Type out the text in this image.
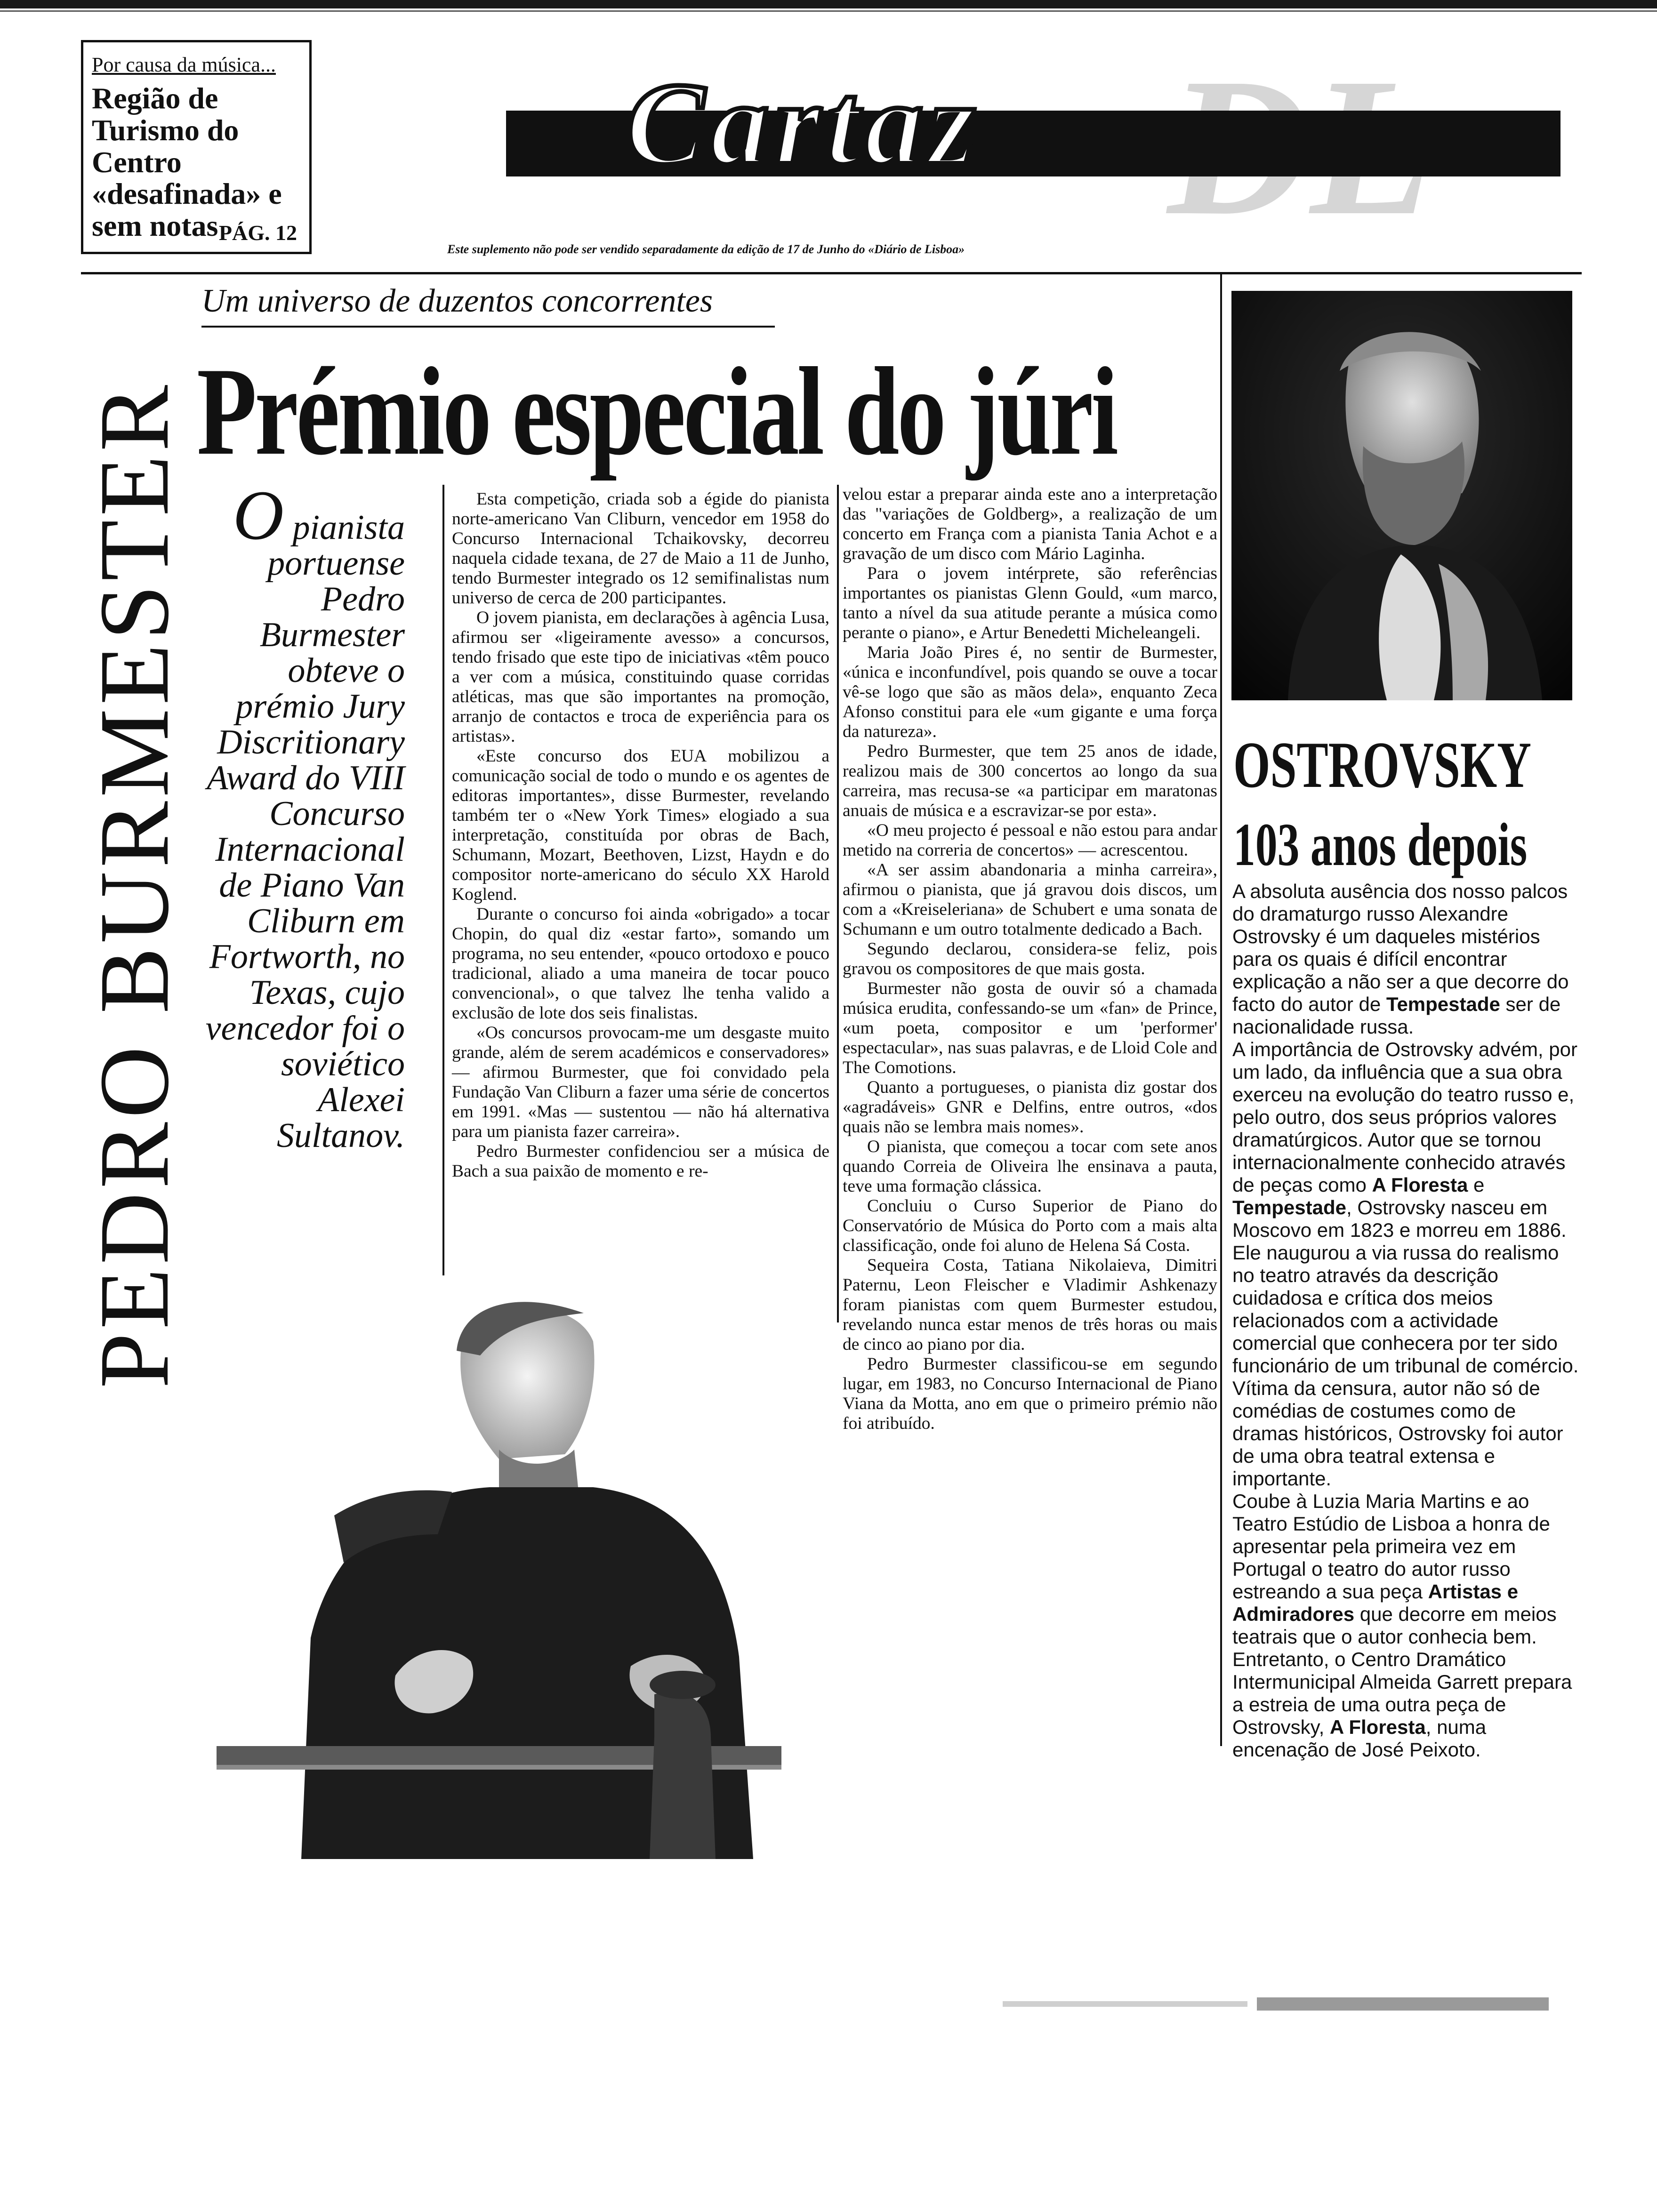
Por causa da música...
Região de Turismo do Centro «desafinada» e sem notas PÁG. 12
Cartaz
Este suplemento não pode ser vendido separadamente da edição de 17 de Junho do «Diário de Lisboa»
PEDRO BURMESTER
Um universo de duzentos concorrentes
Prémio especial do júri
O pianista portuense Pedro Burmester obteve o prémio Jury Discritionary Award do VIII Concurso Internacional de Piano Van Cliburn em Fortworth, no Texas, cujo vencedor foi o soviético Alexei Sultanov.

Esta competição, criada sob a égide do pianista norte-americano Van Cliburn, vencedor em 1958 do Concurso Internacional Tchaikovsky, decorreu naquela cidade texana, de 27 de Maio a 11 de Junho, tendo Burmester integrado os 12 semifinalistas num universo de cerca de 200 participantes.

O jovem pianista, em declarações à agência Lusa, afirmou ser «ligeiramente avesso» a concursos, tendo frisado que este tipo de iniciativas «têm pouco a ver com a música, constituindo quase corridas atléticas, mas que são importantes na promoção, arranjo de contactos e troca de experiência para os artistas».

«Este concurso dos EUA mobilizou a comunicação social de todo o mundo e os agentes de editoras importantes», disse Burmester, revelando também ter o «New York Times» elogiado a sua interpretação, constituída por obras de Bach, Schumann, Mozart, Beethoven, Lizst, Haydn e do compositor norte-americano do século XX Harold Koglend.

Durante o concurso foi ainda «obrigado» a tocar Chopin, do qual diz «estar farto», somando um programa, no seu entender, «pouco ortodoxo e pouco tradicional, aliado a uma maneira de tocar pouco convencional», o que talvez lhe tenha valido a exclusão de lote dos seis finalistas.

«Os concursos provocam-me um desgaste muito grande, além de serem académicos e conservadores» — afirmou Burmester, que foi convidado pela Fundação Van Cliburn a fazer uma série de concertos em 1991. «Mas — sustentou — não há alternativa para um pianista fazer carreira».

Pedro Burmester confidenciou ser a música de Bach a sua paixão de momento e re-

velou estar a preparar ainda este ano a interpretação das "variações de Goldberg», a realização de um concerto em França com a pianista Tania Achot e a gravação de um disco com Mário Laginha.

Para o jovem intérprete, são referências importantes os pianistas Glenn Gould, «um marco, tanto a nível da sua atitude perante a música como perante o piano», e Artur Benedetti Micheleangeli.

Maria João Pires é, no sentir de Burmester, «única e inconfundível, pois quando se ouve a tocar vê-se logo que são as mãos dela», enquanto Zeca Afonso constitui para ele «um gigante e uma força da natureza».

Pedro Burmester, que tem 25 anos de idade, realizou mais de 300 concertos ao longo da sua carreira, mas recusa-se «a participar em maratonas anuais de música e a escravizar-se por esta».

«O meu projecto é pessoal e não estou para andar metido na correria de concertos» — acrescentou.

«A ser assim abandonaria a minha carreira», afirmou o pianista, que já gravou dois discos, um com a «Kreiseleriana» de Schubert e uma sonata de Schumann e um outro totalmente dedicado a Bach.

Segundo declarou, considera-se feliz, pois gravou os compositores de que mais gosta.

Burmester não gosta de ouvir só a chamada música erudita, confessando-se um «fan» de Prince, «um poeta, compositor e um 'performer' espectacular», nas suas palavras, e de Lloid Cole and The Comotions.

Quanto a portugueses, o pianista diz gostar dos «agradáveis» GNR e Delfins, entre outros, «dos quais não se lembra mais nomes».

O pianista, que começou a tocar com sete anos quando Correia de Oliveira lhe ensinava a pauta, teve uma formação clássica.

Concluiu o Curso Superior de Piano do Conservatório de Música do Porto com a mais alta classificação, onde foi aluno de Helena Sá Costa.

Sequeira Costa, Tatiana Nikolaieva, Dimitri Paternu, Leon Fleischer e Vladimir Ashkenazy foram pianistas com quem Burmester estudou, revelando nunca estar menos de três horas ou mais de cinco ao piano por dia.

Pedro Burmester classificou-se em segundo lugar, em 1983, no Concurso Internacional de Piano Viana da Motta, ano em que o primeiro prémio não foi atribuído.

OSTROVSKY
103 anos depois

A absoluta ausência dos nosso palcos do dramaturgo russo Alexandre Ostrovsky é um daqueles mistérios para os quais é difícil encontrar explicação a não ser a que decorre do facto do autor de Tempestade ser de nacionalidade russa.

A importância de Ostrovsky advém, por um lado, da influência que a sua obra exerceu na evolução do teatro russo e, pelo outro, dos seus próprios valores dramatúrgicos. Autor que se tornou internacionalmente conhecido através de peças como A Floresta e Tempestade, Ostrovsky nasceu em Moscovo em 1823 e morreu em 1886. Ele naugurou a via russa do realismo no teatro através da descrição cuidadosa e crítica dos meios relacionados com a actividade comercial que conhecera por ter sido funcionário de um tribunal de comércio.

Vítima da censura, autor não só de comédias de costumes como de dramas históricos, Ostrovsky foi autor de uma obra teatral extensa e importante.

Coube à Luzia Maria Martins e ao Teatro Estúdio de Lisboa a honra de apresentar pela primeira vez em Portugal o teatro do autor russo estreando a sua peça Artistas e Admiradores que decorre em meios teatrais que o autor conhecia bem.

Entretanto, o Centro Dramático Intermunicipal Almeida Garrett prepara a estreia de uma outra peça de Ostrovsky, A Floresta, numa encenação de José Peixoto.
